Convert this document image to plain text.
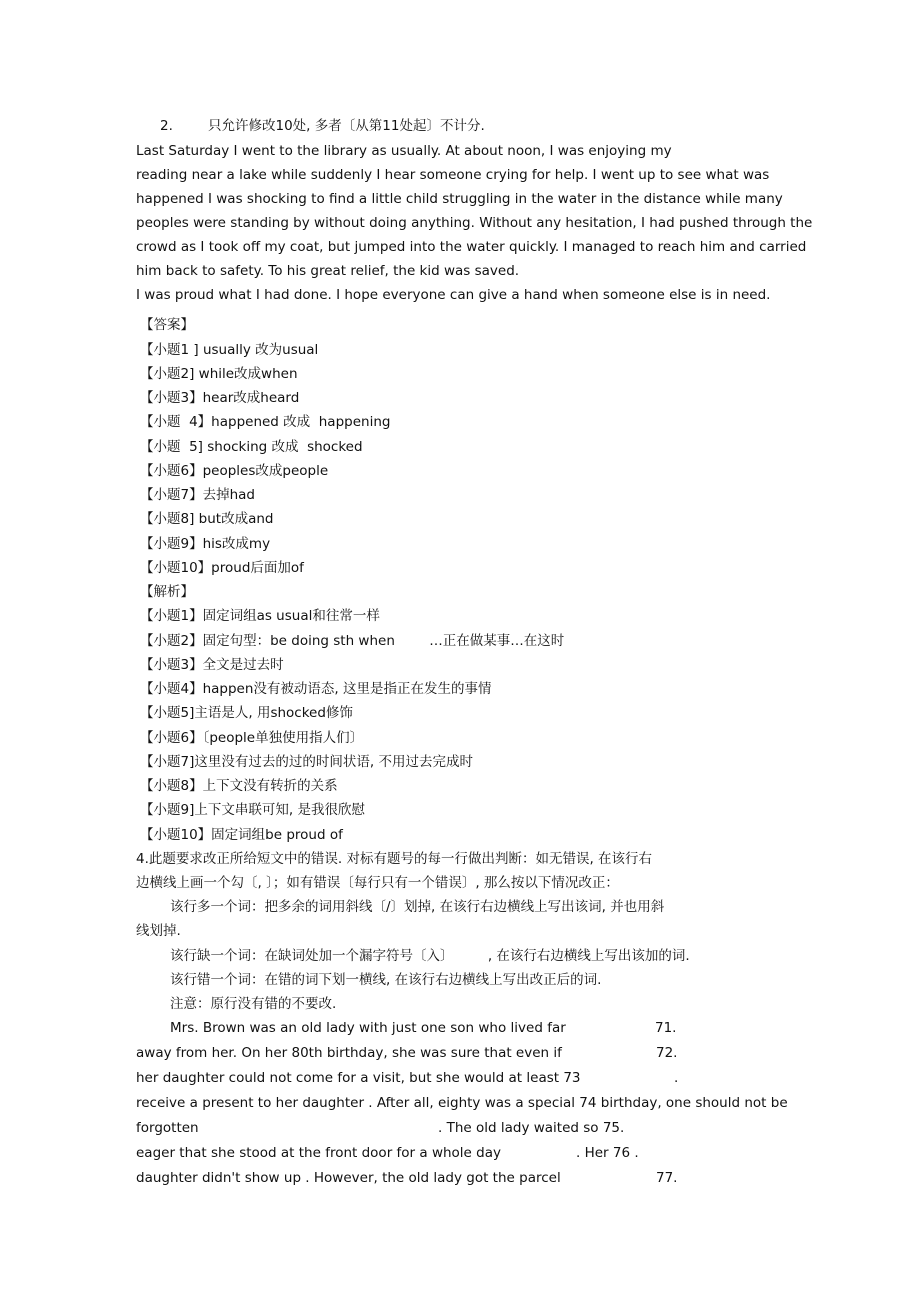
2.	只允许修改10处, 多者〔从第11处起〕不计分.
Last Saturday I went to the library as usually. At about noon, I was enjoying my
reading near a lake while suddenly I hear someone crying for help. I went up to see what was
happened I was shocking to find a little child struggling in the water in the distance while many
peoples were standing by without doing anything. Without any hesitation, I had pushed through the
crowd as I took off my coat, but jumped into the water quickly. I managed to reach him and carried
him back to safety. To his great relief, the kid was saved.
I was proud what I had done. I hope everyone can give a hand when someone else is in need.
【答案】
【小题1 ] usually 改为usual
【小题2] while改成when
【小题3】hear改成heard
【小题  4】happened 改成  happening
【小题  5] shocking 改成  shocked
【小题6】peoples改成people
【小题7】去掉had
【小题8] but改成and
【小题9】his改成my
【小题10】proud后面加of
【解析】
【小题1】固定词组as usual和往常一样
【小题2】固定句型：be doing sth when        …正在做某事…在这时
【小题3】全文是过去时
【小题4】happen没有被动语态, 这里是指正在发生的事情
【小题5]主语是人, 用shocked修饰
【小题6】〔people单独使用指人们〕
【小题7]这里没有过去的过的时间状语, 不用过去完成时
【小题8】上下文没有转折的关系
【小题9]上下文串联可知, 是我很欣慰
【小题10】固定词组be proud of
4.此题要求改正所给短文中的错误. 对标有题号的每一行做出判断：如无错误, 在该行右
边横线上画一个勾〔, 〕；如有错误〔每行只有一个错误〕, 那么按以下情况改正：
该行多一个词：把多余的词用斜线〔/〕划掉, 在该行右边横线上写出该词, 并也用斜
线划掉.
该行缺一个词：在缺词处加一个漏字符号〔入〕        , 在该行右边横线上写出该加的词.
该行错一个词：在错的词下划一横线, 在该行右边横线上写出改正后的词.
注意：原行没有错的不要改.
Mrs. Brown was an old lady with just one son who lived far	71.
away from her. On her 80th birthday, she was sure that even if	72.
her daughter could not come for a visit, but she would at least 73	.
receive a present to her daughter . After all, eighty was a special 74 birthday, one should not be
forgotten	. The old lady waited so 75.
eager that she stood at the front door for a whole day	. Her 76 .
daughter didn't show up . However, the old lady got the parcel	77.
